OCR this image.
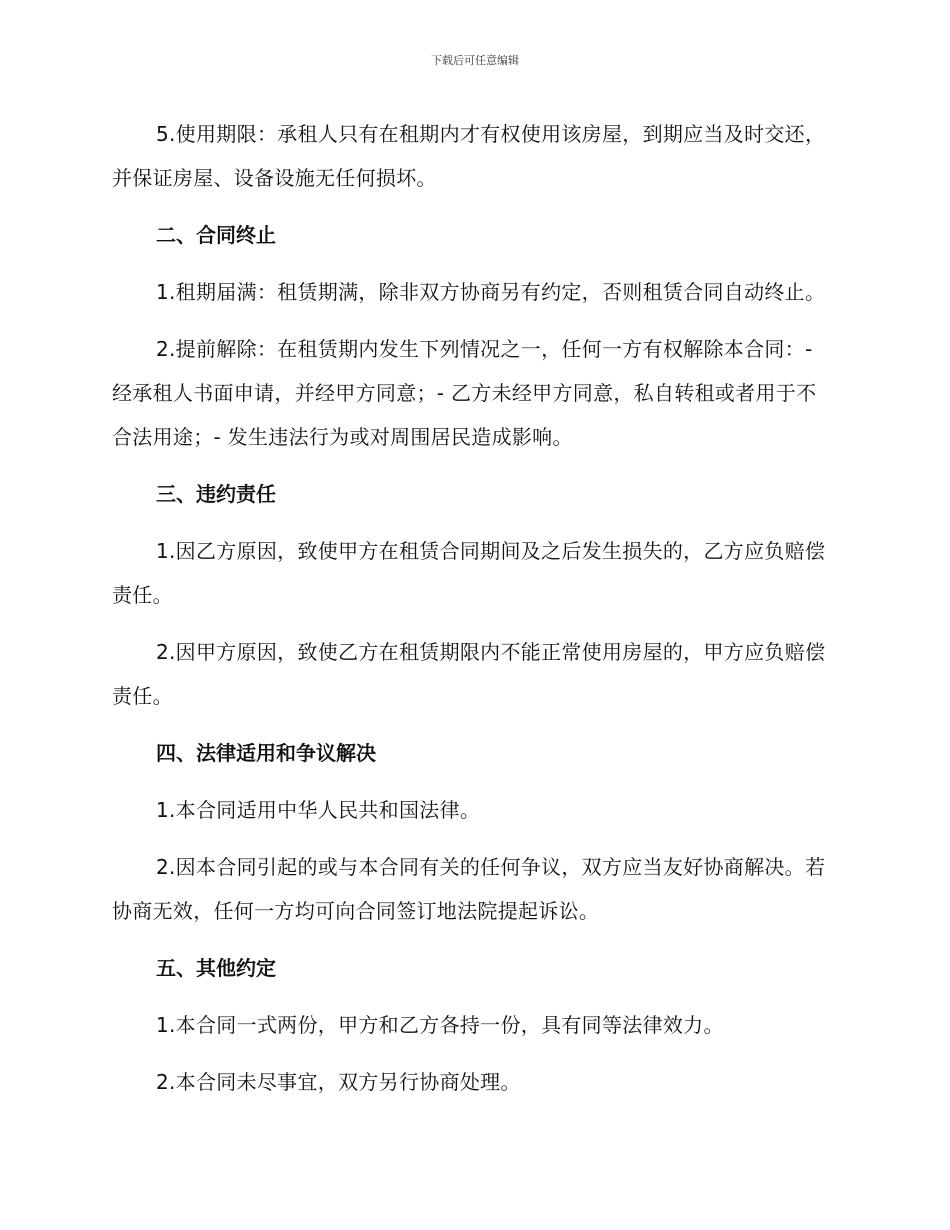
下载后可任意编辑

5.使用期限：承租人只有在租期内才有权使用该房屋，到期应当及时交还，并保证房屋、设备设施无任何损坏。

二、合同终止

1.租期届满：租赁期满，除非双方协商另有约定，否则租赁合同自动终止。

2.提前解除：在租赁期内发生下列情况之一，任何一方有权解除本合同：- 经承租人书面申请，并经甲方同意；- 乙方未经甲方同意，私自转租或者用于不合法用途；- 发生违法行为或对周围居民造成影响。

三、违约责任

1.因乙方原因，致使甲方在租赁合同期间及之后发生损失的，乙方应负赔偿责任。

2.因甲方原因，致使乙方在租赁期限内不能正常使用房屋的，甲方应负赔偿责任。

四、法律适用和争议解决

1.本合同适用中华人民共和国法律。

2.因本合同引起的或与本合同有关的任何争议，双方应当友好协商解决。若协商无效，任何一方均可向合同签订地法院提起诉讼。

五、其他约定

1.本合同一式两份，甲方和乙方各持一份，具有同等法律效力。

2.本合同未尽事宜，双方另行协商处理。
